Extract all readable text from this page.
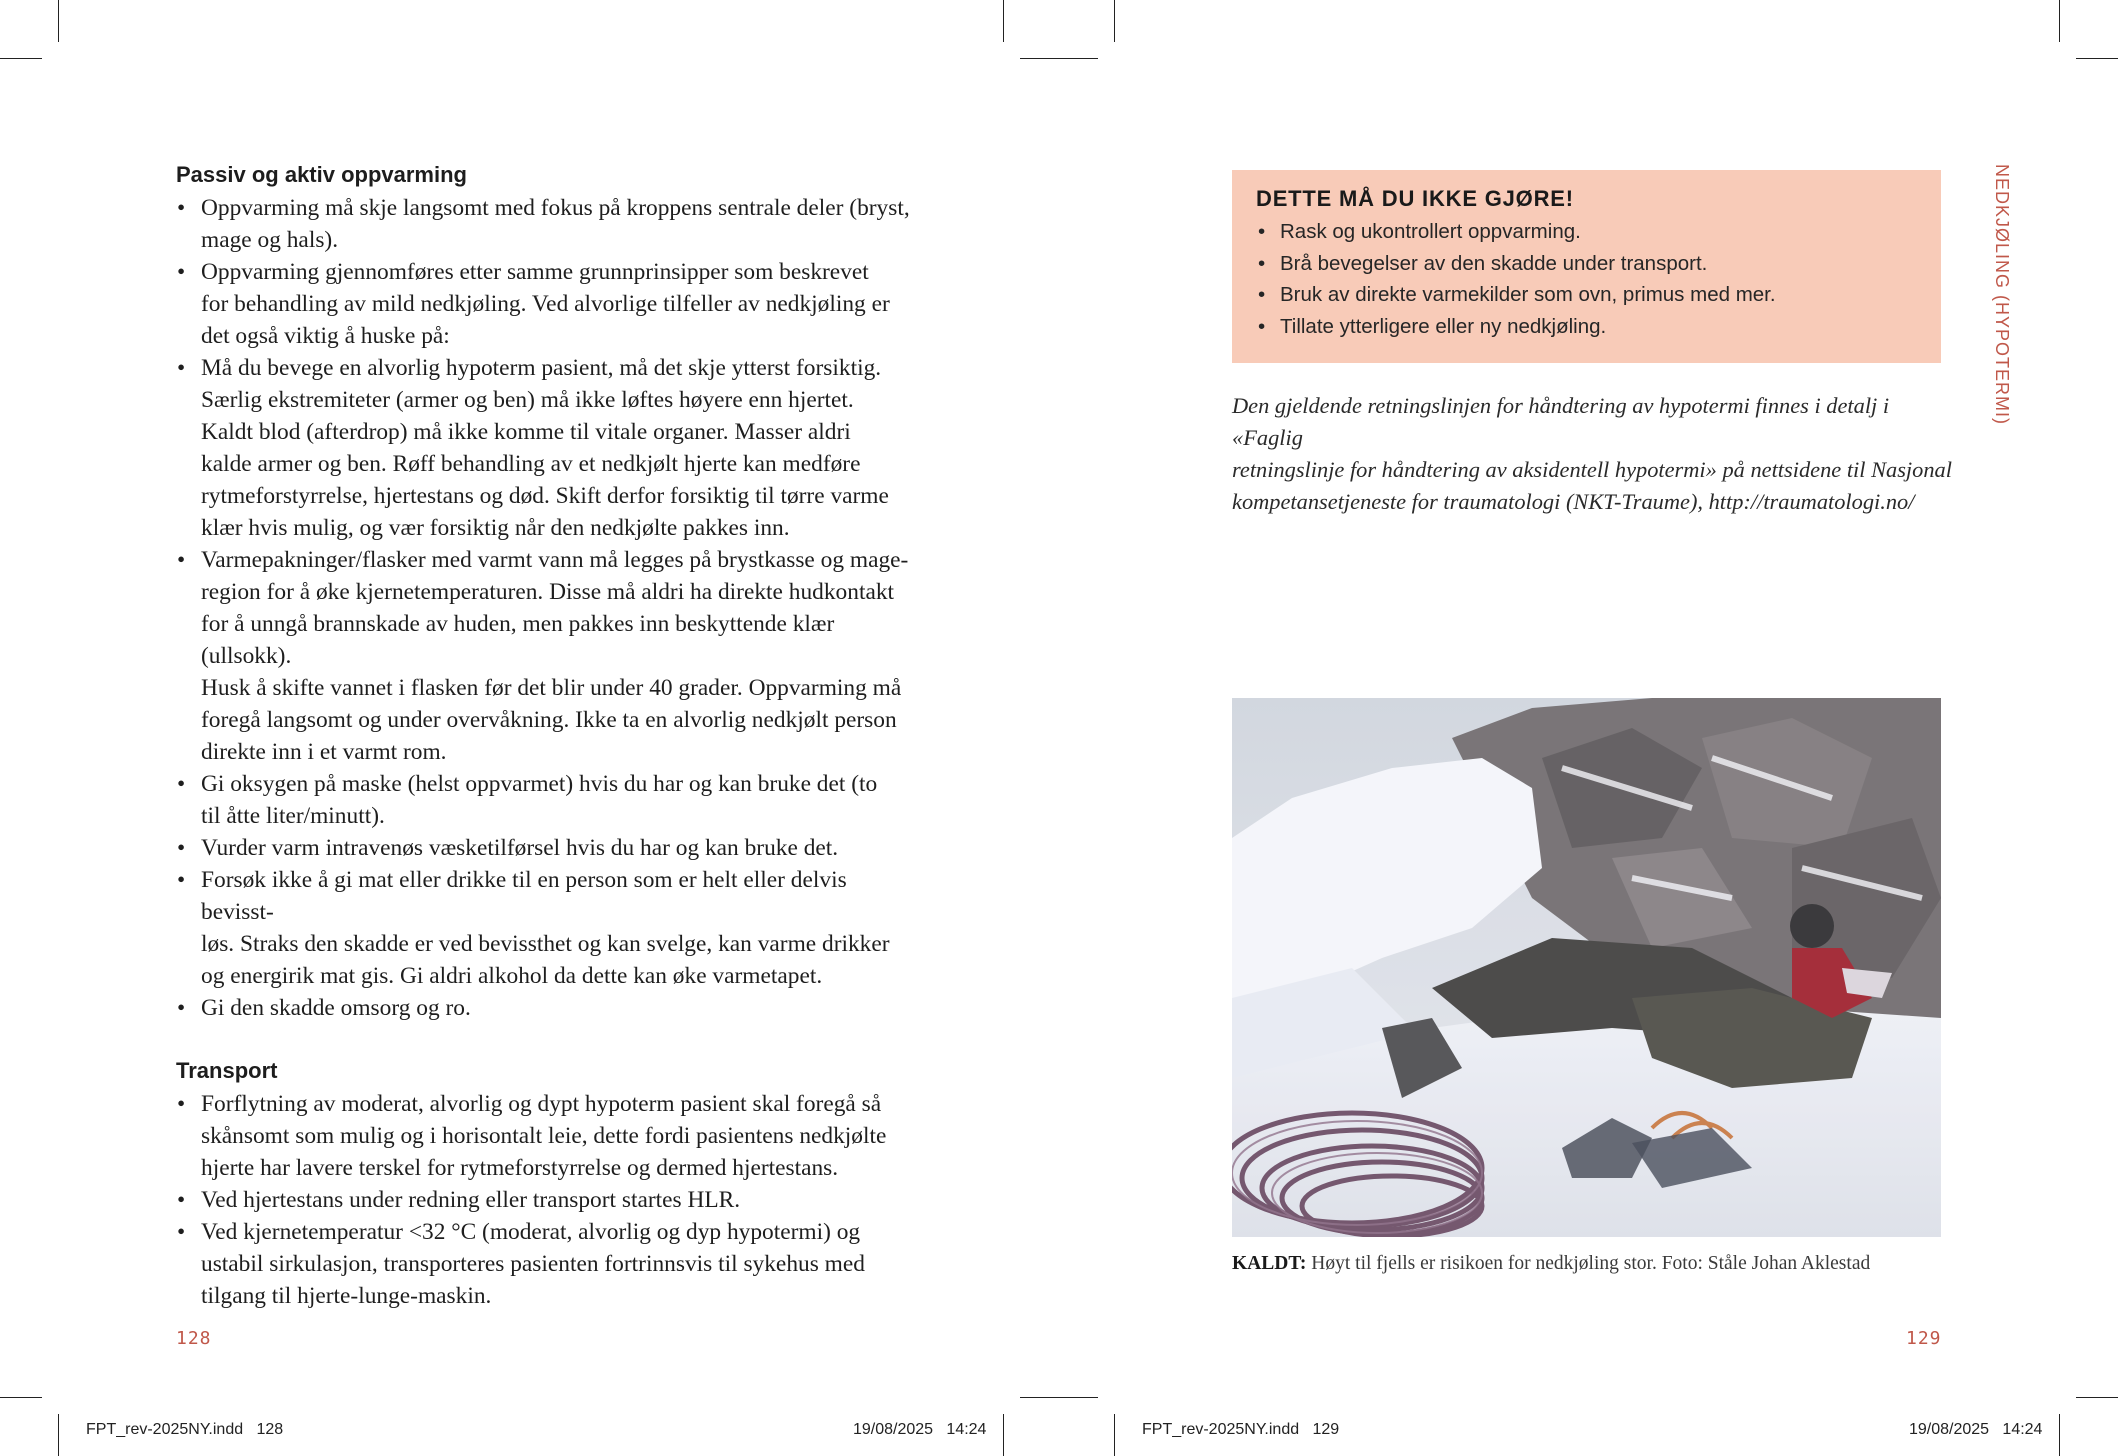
Passiv og aktiv oppvarming
• Oppvarming må skje langsomt med fokus på kroppens sentrale deler (bryst,
mage og hals).
• Oppvarming gjennomføres etter samme grunnprinsipper som beskrevet
for behandling av mild nedkjøling. Ved alvorlige tilfeller av nedkjøling er
det også viktig å huske på:
• Må du bevege en alvorlig hypoterm pasient, må det skje ytterst forsiktig.
Særlig ekstremiteter (armer og ben) må ikke løftes høyere enn hjertet.
Kaldt blod (afterdrop) må ikke komme til vitale organer. Masser aldri
kalde armer og ben. Røff behandling av et nedkjølt hjerte kan medføre
rytmeforstyrrelse, hjertestans og død. Skift derfor forsiktig til tørre varme
klær hvis mulig, og vær forsiktig når den nedkjølte pakkes inn.
• Varmepakninger/flasker med varmt vann må legges på brystkasse og mage-
region for å øke kjernetemperaturen. Disse må aldri ha direkte hudkontakt
for å unngå brannskade av huden, men pakkes inn beskyttende klær (ullsokk).
Husk å skifte vannet i flasken før det blir under 40 grader. Oppvarming må
foregå langsomt og under overvåkning. Ikke ta en alvorlig nedkjølt person
direkte inn i et varmt rom.
• Gi oksygen på maske (helst oppvarmet) hvis du har og kan bruke det (to
til åtte liter/minutt).
• Vurder varm intravenøs væsketilførsel hvis du har og kan bruke det.
• Forsøk ikke å gi mat eller drikke til en person som er helt eller delvis bevisst-
løs. Straks den skadde er ved bevissthet og kan svelge, kan varme drikker
og energirik mat gis. Gi aldri alkohol da dette kan øke varmetapet.
• Gi den skadde omsorg og ro.
Transport
• Forflytning av moderat, alvorlig og dypt hypoterm pasient skal foregå så
skånsomt som mulig og i horisontalt leie, dette fordi pasientens nedkjølte
hjerte har lavere terskel for rytmeforstyrrelse og dermed hjertestans.
• Ved hjertestans under redning eller transport startes HLR.
• Ved kjernetemperatur <32 °C (moderat, alvorlig og dyp hypotermi) og
ustabil sirkulasjon, transporteres pasienten fortrinnsvis til sykehus med
tilgang til hjerte-lunge-maskin.
128
FPT_rev-2025NY.indd   128	19/08/2025   14:24
DETTE MÅ DU IKKE GJØRE!
• Rask og ukontrollert oppvarming.
• Brå bevegelser av den skadde under transport.
• Bruk av direkte varmekilder som ovn, primus med mer.
• Tillate ytterligere eller ny nedkjøling.
Den gjeldende retningslinjen for håndtering av hypotermi finnes i detalj i «Faglig
retningslinje for håndtering av aksidentell hypotermi» på nettsidene til Nasjonal
kompetansetjeneste for traumatologi (NKT-Traume), http://traumatologi.no/
KALDT: Høyt til fjells er risikoen for nedkjøling stor. Foto: Ståle Johan Aklestad
NEDKJØLING (HYPOTERMI)
129
FPT_rev-2025NY.indd   129	19/08/2025   14:24
